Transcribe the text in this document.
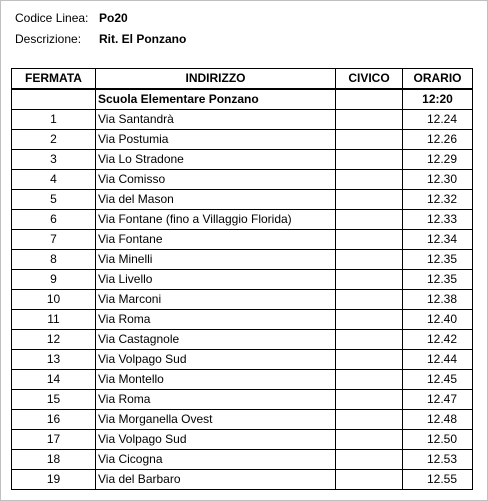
Codice Linea: Po20
Descrizione: Rit. El Ponzano
FERMATA	INDIRIZZO	CIVICO	ORARIO
	Scuola Elementare Ponzano		12:20
1	Via Santandrà		12.24
2	Via Postumia		12.26
3	Via Lo Stradone		12.29
4	Via Comisso		12.30
5	Via del Mason		12.32
6	Via Fontane (fino a Villaggio Florida)		12.33
7	Via Fontane		12.34
8	Via Minelli		12.35
9	Via Livello		12.35
10	Via Marconi		12.38
11	Via Roma		12.40
12	Via Castagnole		12.42
13	Via Volpago Sud		12.44
14	Via Montello		12.45
15	Via Roma		12.47
16	Via Morganella Ovest		12.48
17	Via Volpago Sud		12.50
18	Via Cicogna		12.53
19	Via del Barbaro		12.55
